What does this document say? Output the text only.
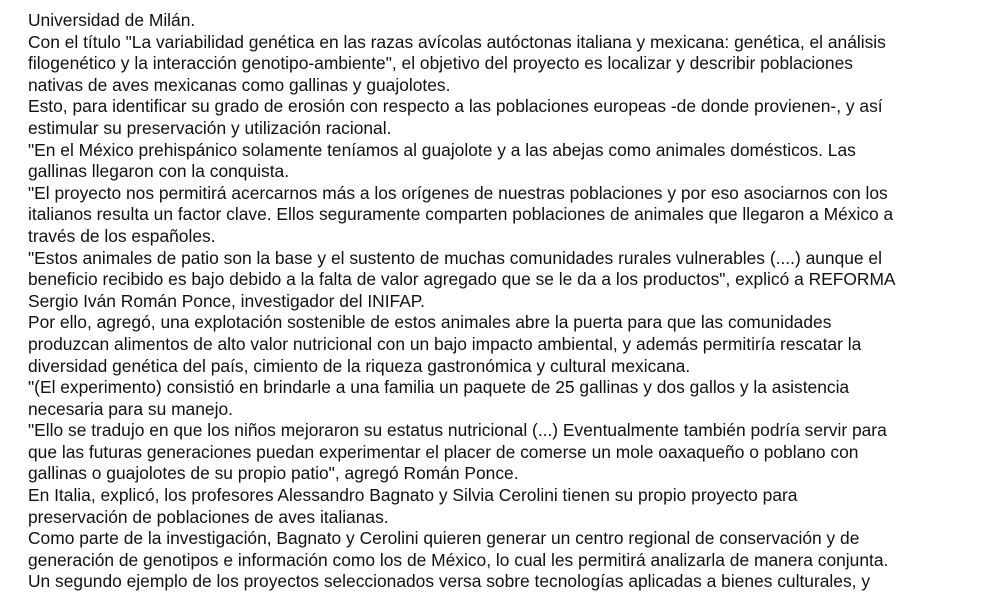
Universidad de Milán.
Con el título "La variabilidad genética en las razas avícolas autóctonas italiana y mexicana: genética, el análisis
filogenético y la interacción genotipo-ambiente", el objetivo del proyecto es localizar y describir poblaciones
nativas de aves mexicanas como gallinas y guajolotes.
Esto, para identificar su grado de erosión con respecto a las poblaciones europeas -de donde provienen-, y así
estimular su preservación y utilización racional.
"En el México prehispánico solamente teníamos al guajolote y a las abejas como animales domésticos. Las
gallinas llegaron con la conquista.
"El proyecto nos permitirá acercarnos más a los orígenes de nuestras poblaciones y por eso asociarnos con los
italianos resulta un factor clave. Ellos seguramente comparten poblaciones de animales que llegaron a México a
través de los españoles.
"Estos animales de patio son la base y el sustento de muchas comunidades rurales vulnerables (....) aunque el
beneficio recibido es bajo debido a la falta de valor agregado que se le da a los productos", explicó a REFORMA
Sergio Iván Román Ponce, investigador del INIFAP.
Por ello, agregó, una explotación sostenible de estos animales abre la puerta para que las comunidades
produzcan alimentos de alto valor nutricional con un bajo impacto ambiental, y además permitiría rescatar la
diversidad genética del país, cimiento de la riqueza gastronómica y cultural mexicana.
"(El experimento) consistió en brindarle a una familia un paquete de 25 gallinas y dos gallos y la asistencia
necesaria para su manejo.
"Ello se tradujo en que los niños mejoraron su estatus nutricional (...) Eventualmente también podría servir para
que las futuras generaciones puedan experimentar el placer de comerse un mole oaxaqueño o poblano con
gallinas o guajolotes de su propio patio", agregó Román Ponce.
En Italia, explicó, los profesores Alessandro Bagnato y Silvia Cerolini tienen su propio proyecto para
preservación de poblaciones de aves italianas.
Como parte de la investigación, Bagnato y Cerolini quieren generar un centro regional de conservación y de
generación de genotipos e información como los de México, lo cual les permitirá analizarla de manera conjunta.
Un segundo ejemplo de los proyectos seleccionados versa sobre tecnologías aplicadas a bienes culturales, y
